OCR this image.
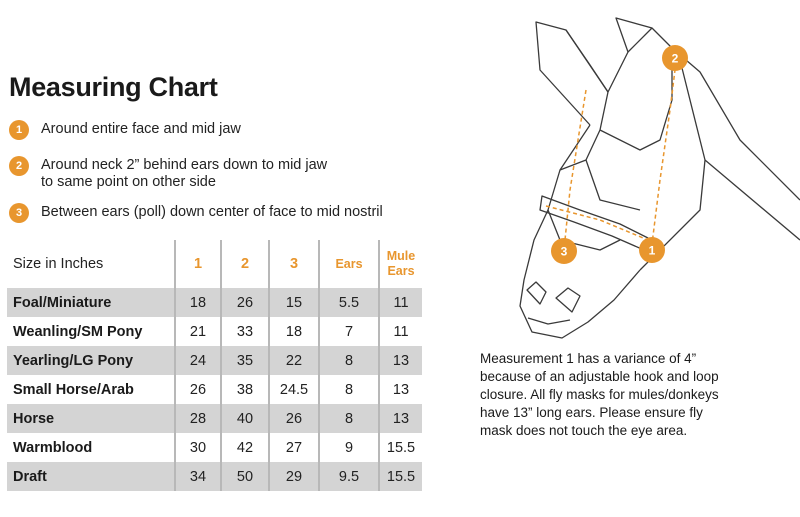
Measuring Chart
1	Around entire face and mid jaw
2	Around neck 2” behind ears down to mid jaw
to same point on other side
3	Between ears (poll) down center of face to mid nostril
Size in Inches	1	2	3	Ears	Mule
Ears
Foal/Miniature	18	26	15	5.5	11
Weanling/SM Pony	21	33	18	7	11
Yearling/LG Pony	24	35	22	8	13
Small Horse/Arab	26	38	24.5	8	13
Horse	28	40	26	8	13
Warmblood	30	42	27	9	15.5
Draft	34	50	29	9.5	15.5
2
1
3
Measurement 1 has a variance of 4”
because of an adjustable hook and loop
closure. All fly masks for mules/donkeys
have 13” long ears. Please ensure fly
mask does not touch the eye area.
